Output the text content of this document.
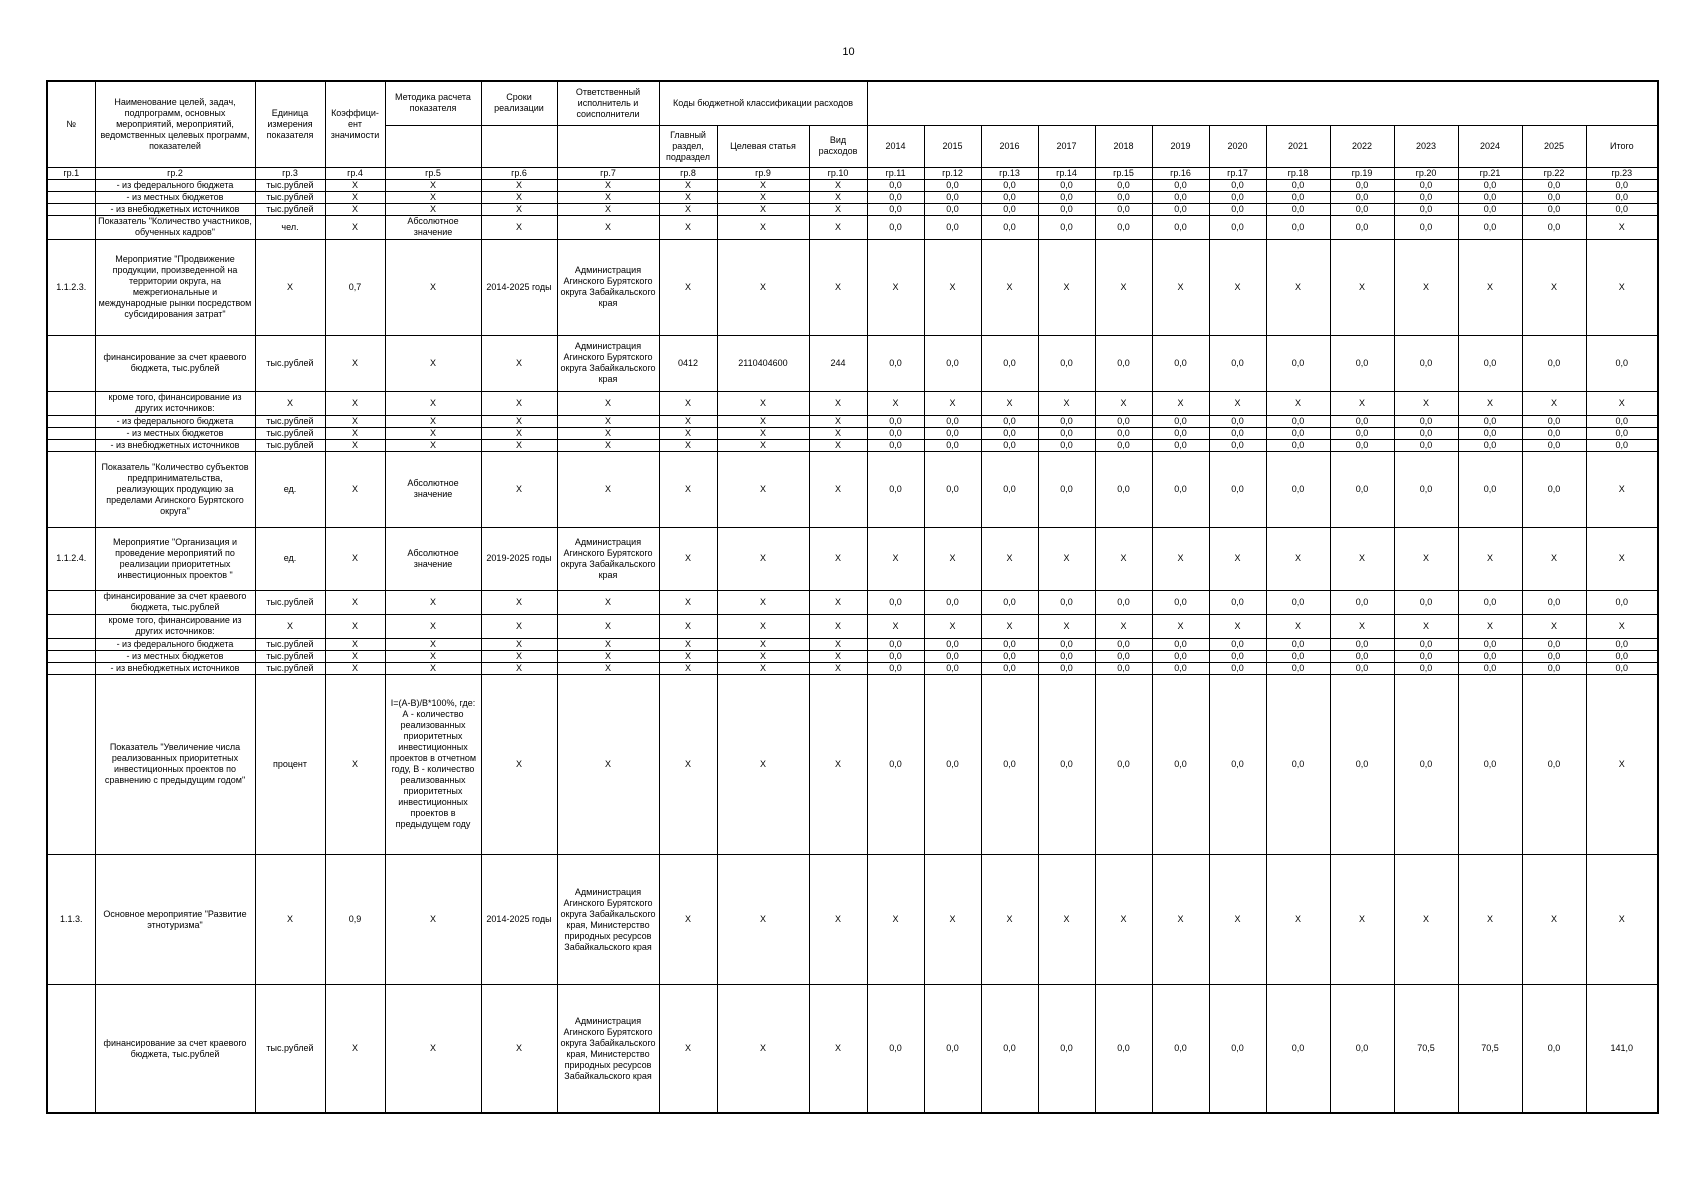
10
№	Наименование целей, задач, подпрограмм, основных мероприятий, мероприятий, ведомственных целевых программ, показателей	Единица измерения показателя	Коэффици-ент значимости	Методика расчета показателя	Сроки реализации	Ответственный исполнитель и соисполнители	Коды бюджетной классификации расходов															
							Главный раздел, подраздел	Целевая статья	Вид расходов	2014	2015	2016	2017	2018	2019	2020	2021	2022	2023	2024	2025	Итого
гр.1	гр.2	гр.3	гр.4	гр.5	гр.6	гр.7	гр.8	гр.9	гр.10	гр.11	гр.12	гр.13	гр.14	гр.15	гр.16	гр.17	гр.18	гр.19	гр.20	гр.21	гр.22	гр.23
	- из федерального бюджета	тыс.рублей	Х	Х	Х	Х	Х	Х	Х	0,0	0,0	0,0	0,0	0,0	0,0	0,0	0,0	0,0	0,0	0,0	0,0	0,0
	- из местных бюджетов	тыс.рублей	Х	Х	Х	Х	Х	Х	Х	0,0	0,0	0,0	0,0	0,0	0,0	0,0	0,0	0,0	0,0	0,0	0,0	0,0
	- из внебюджетных источников	тыс.рублей	Х	Х	Х	Х	Х	Х	Х	0,0	0,0	0,0	0,0	0,0	0,0	0,0	0,0	0,0	0,0	0,0	0,0	0,0
	Показатель "Количество участников, обученных кадров"	чел.	Х	Абсолютное значение	Х	Х	Х	Х	Х	0,0	0,0	0,0	0,0	0,0	0,0	0,0	0,0	0,0	0,0	0,0	0,0	Х
1.1.2.3.	Мероприятие "Продвижение продукции, произведенной на территории округа, на межрегиональные и международные рынки посредством субсидирования затрат"	Х	0,7	Х	2014-2025 годы	Администрация Агинского Бурятского округа Забайкальского края	Х	Х	Х	Х	Х	Х	Х	Х	Х	Х	Х	Х	Х	Х	Х	Х
	финансирование за счет краевого бюджета, тыс.рублей	тыс.рублей	Х	Х	Х	Администрация Агинского Бурятского округа Забайкальского края	0412	2110404600	244	0,0	0,0	0,0	0,0	0,0	0,0	0,0	0,0	0,0	0,0	0,0	0,0	0,0
	кроме того, финансирование из других источников:	Х	Х	Х	Х	Х	Х	Х	Х	Х	Х	Х	Х	Х	Х	Х	Х	Х	Х	Х	Х	Х
	- из федерального бюджета	тыс.рублей	Х	Х	Х	Х	Х	Х	Х	0,0	0,0	0,0	0,0	0,0	0,0	0,0	0,0	0,0	0,0	0,0	0,0	0,0
	- из местных бюджетов	тыс.рублей	Х	Х	Х	Х	Х	Х	Х	0,0	0,0	0,0	0,0	0,0	0,0	0,0	0,0	0,0	0,0	0,0	0,0	0,0
	- из внебюджетных источников	тыс.рублей	Х	Х	Х	Х	Х	Х	Х	0,0	0,0	0,0	0,0	0,0	0,0	0,0	0,0	0,0	0,0	0,0	0,0	0,0
	Показатель "Количество субъектов предпринимательства, реализующих продукцию за пределами Агинского Бурятского округа"	ед.	Х	Абсолютное значение	Х	Х	Х	Х	Х	0,0	0,0	0,0	0,0	0,0	0,0	0,0	0,0	0,0	0,0	0,0	0,0	Х
1.1.2.4.	Мероприятие "Организация и проведение мероприятий по реализации приоритетных инвестиционных проектов "	ед.	Х	Абсолютное значение	2019-2025 годы	Администрация Агинского Бурятского округа Забайкальского края	Х	Х	Х	Х	Х	Х	Х	Х	Х	Х	Х	Х	Х	Х	Х	Х
	финансирование за счет краевого бюджета, тыс.рублей	тыс.рублей	Х	Х	Х	Х	Х	Х	Х	0,0	0,0	0,0	0,0	0,0	0,0	0,0	0,0	0,0	0,0	0,0	0,0	0,0
	кроме того, финансирование из других источников:	Х	Х	Х	Х	Х	Х	Х	Х	Х	Х	Х	Х	Х	Х	Х	Х	Х	Х	Х	Х	Х
	- из федерального бюджета	тыс.рублей	Х	Х	Х	Х	Х	Х	Х	0,0	0,0	0,0	0,0	0,0	0,0	0,0	0,0	0,0	0,0	0,0	0,0	0,0
	- из местных бюджетов	тыс.рублей	Х	Х	Х	Х	Х	Х	Х	0,0	0,0	0,0	0,0	0,0	0,0	0,0	0,0	0,0	0,0	0,0	0,0	0,0
	- из внебюджетных источников	тыс.рублей	Х	Х	Х	Х	Х	Х	Х	0,0	0,0	0,0	0,0	0,0	0,0	0,0	0,0	0,0	0,0	0,0	0,0	0,0
	Показатель "Увеличение числа реализованных приоритетных инвестиционных проектов по сравнению с предыдущим годом"	процент	Х	I=(A-B)/B*100%, где: А - количество реализованных приоритетных инвестиционных проектов в отчетном году, В - количество реализованных приоритетных инвестиционных проектов в предыдущем году	Х	Х	Х	Х	Х	0,0	0,0	0,0	0,0	0,0	0,0	0,0	0,0	0,0	0,0	0,0	0,0	Х
1.1.3.	Основное мероприятие "Развитие этнотуризма"	Х	0,9	Х	2014-2025 годы	Администрация Агинского Бурятского округа Забайкальского края, Министерство природных ресурсов Забайкальского края	Х	Х	Х	Х	Х	Х	Х	Х	Х	Х	Х	Х	Х	Х	Х	Х
	финансирование за счет краевого бюджета, тыс.рублей	тыс.рублей	Х	Х	Х	Администрация Агинского Бурятского округа Забайкальского края, Министерство природных ресурсов Забайкальского края	Х	Х	Х	0,0	0,0	0,0	0,0	0,0	0,0	0,0	0,0	0,0	70,5	70,5	0,0	141,0
